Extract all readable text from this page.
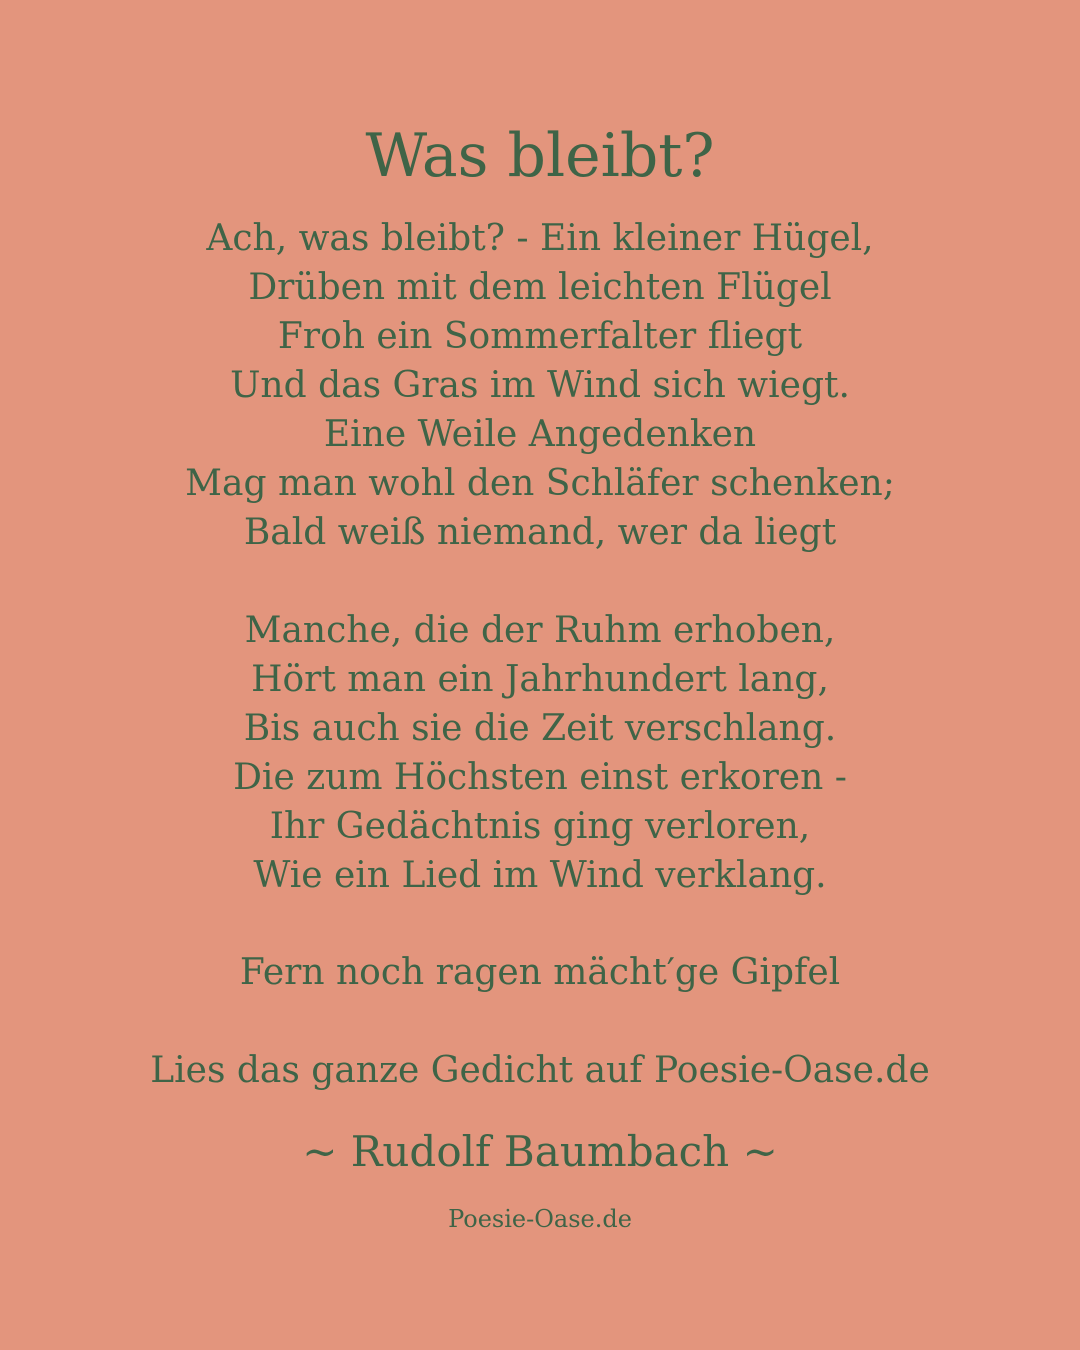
Was bleibt?
Ach, was bleibt? - Ein kleiner Hügel,
Drüben mit dem leichten Flügel
Froh ein Sommerfalter fliegt
Und das Gras im Wind sich wiegt.
Eine Weile Angedenken
Mag man wohl den Schläfer schenken;
Bald weiß niemand, wer da liegt
Manche, die der Ruhm erhoben,
Hört man ein Jahrhundert lang,
Bis auch sie die Zeit verschlang.
Die zum Höchsten einst erkoren -
Ihr Gedächtnis ging verloren,
Wie ein Lied im Wind verklang.
Fern noch ragen mächt′ge Gipfel
Lies das ganze Gedicht auf Poesie-Oase.de
~ Rudolf Baumbach ~
Poesie-Oase.de
